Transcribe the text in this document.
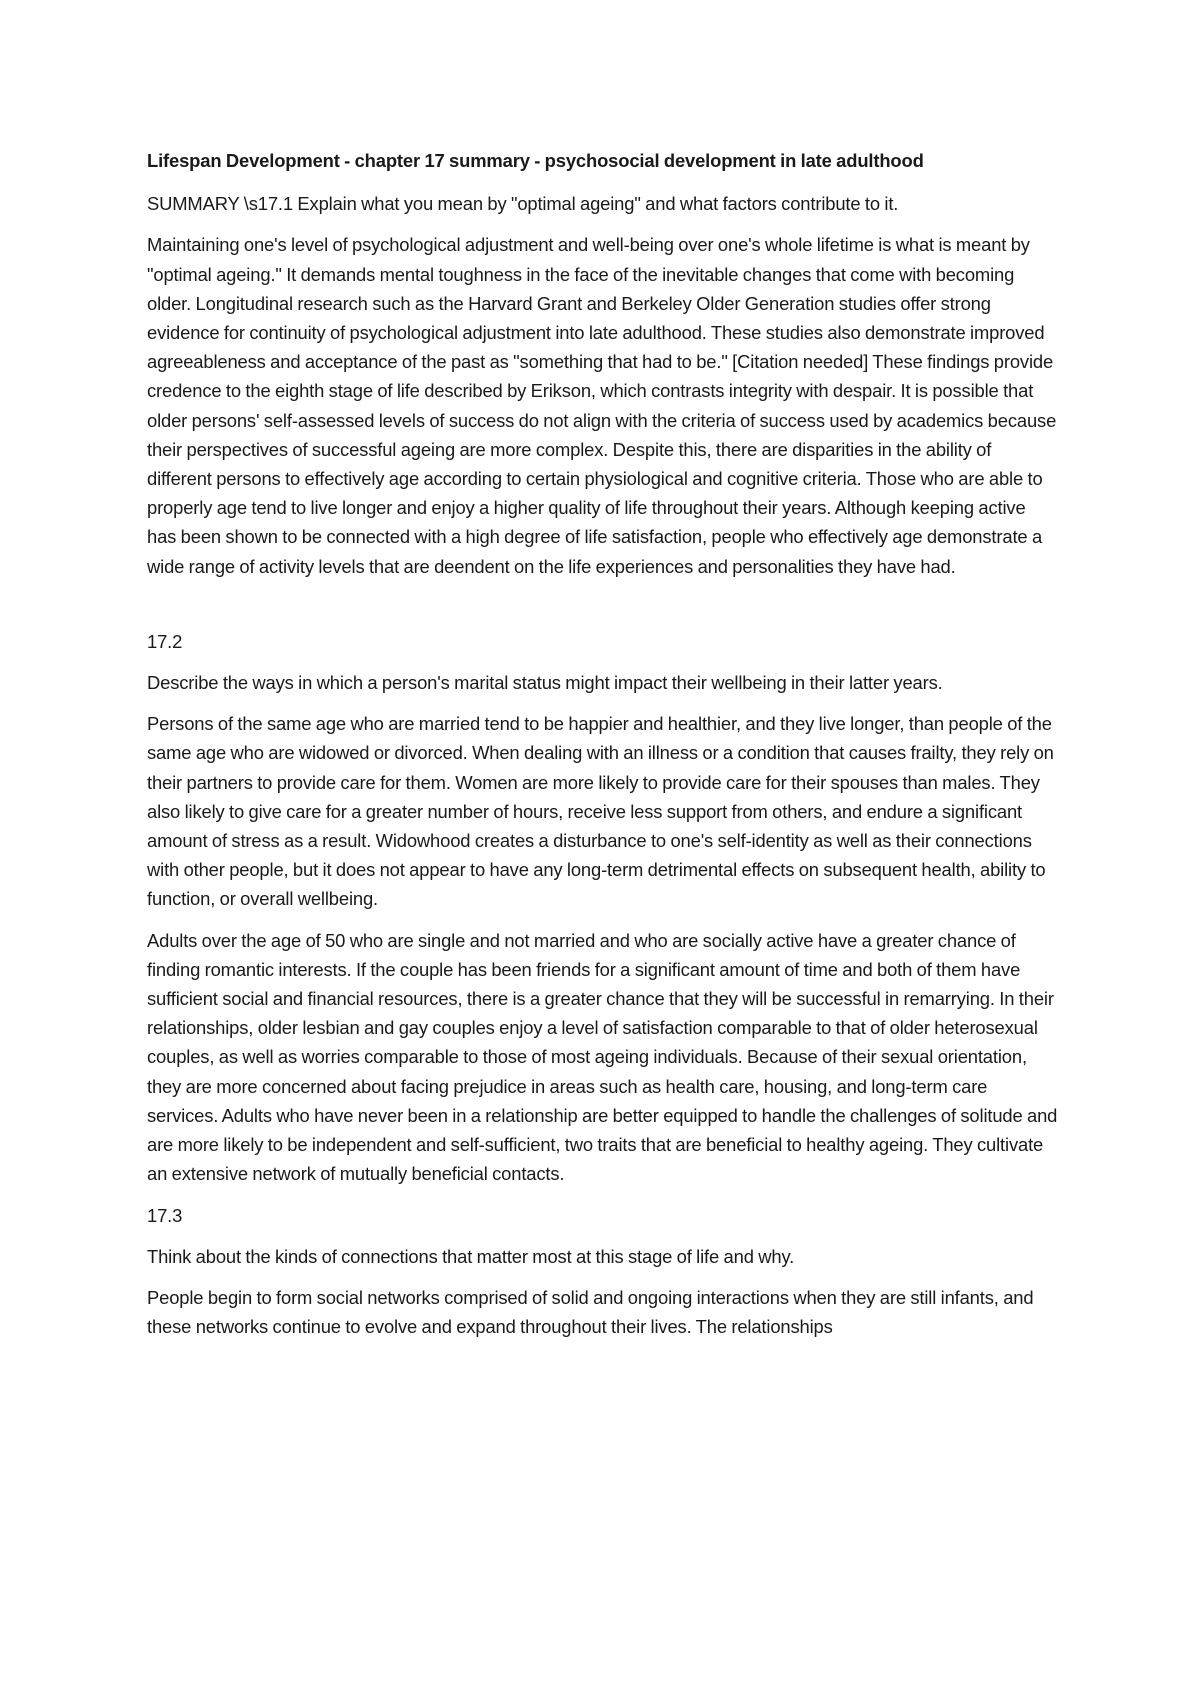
Lifespan Development - chapter 17 summary - psychosocial development in late adulthood

SUMMARY \s17.1 Explain what you mean by "optimal ageing" and what factors contribute to it.

Maintaining one's level of psychological adjustment and well-being over one's whole lifetime is what is meant by "optimal ageing." It demands mental toughness in the face of the inevitable changes that come with becoming older. Longitudinal research such as the Harvard Grant and Berkeley Older Generation studies offer strong evidence for continuity of psychological adjustment into late adulthood. These studies also demonstrate improved agreeableness and acceptance of the past as "something that had to be." [Citation needed] These findings provide credence to the eighth stage of life described by Erikson, which contrasts integrity with despair. It is possible that older persons' self-assessed levels of success do not align with the criteria of success used by academics because their perspectives of successful ageing are more complex. Despite this, there are disparities in the ability of different persons to effectively age according to certain physiological and cognitive criteria. Those who are able to properly age tend to live longer and enjoy a higher quality of life throughout their years. Although keeping active has been shown to be connected with a high degree of life satisfaction, people who effectively age demonstrate a wide range of activity levels that are deendent on the life experiences and personalities they have had.

17.2

Describe the ways in which a person's marital status might impact their wellbeing in their latter years.

Persons of the same age who are married tend to be happier and healthier, and they live longer, than people of the same age who are widowed or divorced. When dealing with an illness or a condition that causes frailty, they rely on their partners to provide care for them. Women are more likely to provide care for their spouses than males. They also likely to give care for a greater number of hours, receive less support from others, and endure a significant amount of stress as a result. Widowhood creates a disturbance to one's self-identity as well as their connections with other people, but it does not appear to have any long-term detrimental effects on subsequent health, ability to function, or overall wellbeing.

Adults over the age of 50 who are single and not married and who are socially active have a greater chance of finding romantic interests. If the couple has been friends for a significant amount of time and both of them have sufficient social and financial resources, there is a greater chance that they will be successful in remarrying. In their relationships, older lesbian and gay couples enjoy a level of satisfaction comparable to that of older heterosexual couples, as well as worries comparable to those of most ageing individuals. Because of their sexual orientation, they are more concerned about facing prejudice in areas such as health care, housing, and long-term care services. Adults who have never been in a relationship are better equipped to handle the challenges of solitude and are more likely to be independent and self-sufficient, two traits that are beneficial to healthy ageing. They cultivate an extensive network of mutually beneficial contacts.

17.3

Think about the kinds of connections that matter most at this stage of life and why.

People begin to form social networks comprised of solid and ongoing interactions when they are still infants, and these networks continue to evolve and expand throughout their lives. The relationships
